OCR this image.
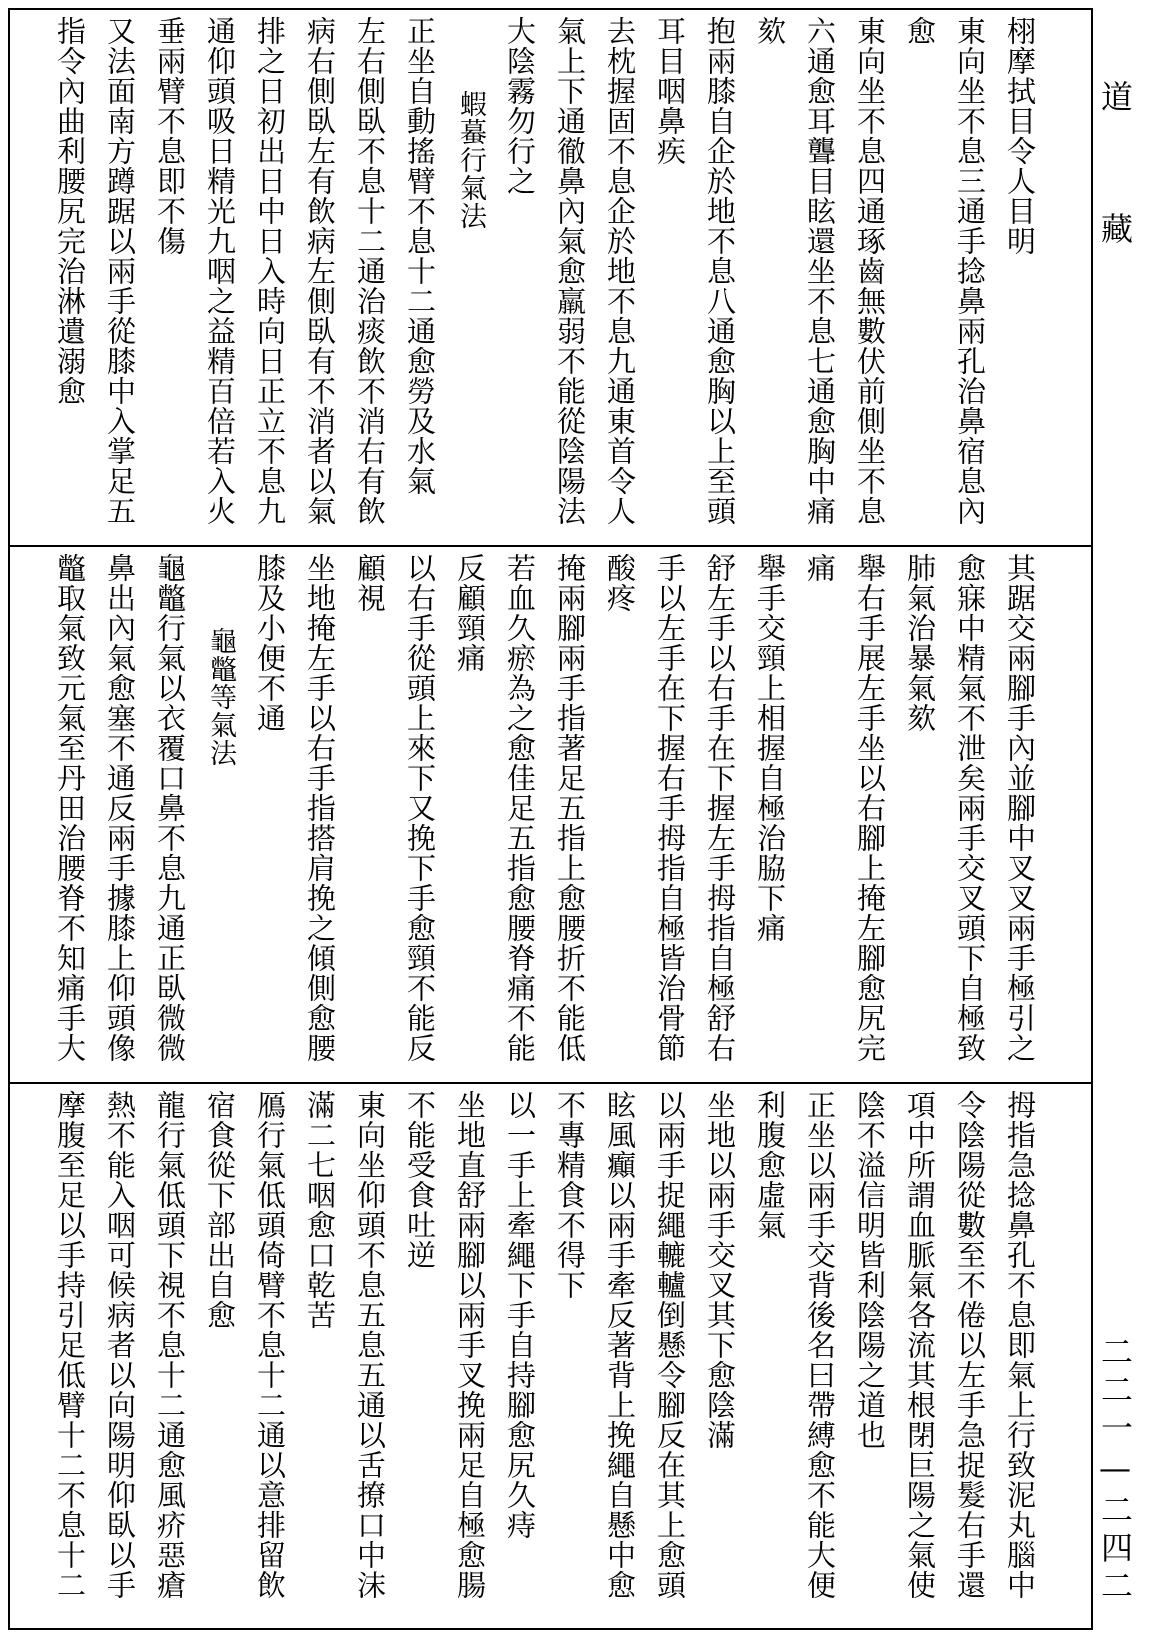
栩摩拭目令人目明
東向坐不息三通手捻鼻兩孔治鼻宿息內
愈
東向坐不息四通琢齒無數伏前側坐不息
六通愈耳聾目眩還坐不息七通愈胸中痛
欬
抱兩膝自企於地不息八通愈胸以上至頭
耳目咽鼻疾
去枕握固不息企於地不息九通東首令人
氣上下通徹鼻內氣愈羸弱不能從陰陽法
大陰霧勿行之
蝦蟇行氣法
正坐自動搖臂不息十二通愈勞及水氣
左右側臥不息十二通治痰飲不消右有飲
病右側臥左有飲病左側臥有不消者以氣
排之日初出日中日入時向日正立不息九
通仰頭吸日精光九咽之益精百倍若入火
垂兩臂不息即不傷
又法面南方蹲踞以兩手從膝中入掌足五
指令內曲利腰尻完治淋遺溺愈
其踞交兩腳手內並腳中叉叉兩手極引之
愈寐中精氣不泄矣兩手交叉頭下自極致
肺氣治暴氣欬
舉右手展左手坐以右腳上掩左腳愈尻完
痛
舉手交頸上相握自極治脇下痛
舒左手以右手在下握左手拇指自極舒右
手以左手在下握右手拇指自極皆治骨節
酸疼
掩兩腳兩手指著足五指上愈腰折不能低
若血久瘀為之愈佳足五指愈腰脊痛不能
反顧頸痛
以右手從頭上來下又挽下手愈頸不能反
顧視
坐地掩左手以右手指搭肩挽之傾側愈腰
膝及小便不通
龜鼈等氣法
龜鼈行氣以衣覆口鼻不息九通正臥微微
鼻出內氣愈塞不通反兩手據膝上仰頭像
鼈取氣致元氣至丹田治腰脊不知痛手大
拇指急捻鼻孔不息即氣上行致泥丸腦中
令陰陽從數至不倦以左手急捉髮右手還
項中所謂血脈氣各流其根閉巨陽之氣使
陰不溢信明皆利陰陽之道也
正坐以兩手交背後名曰帶縛愈不能大便
利腹愈虛氣
坐地以兩手交叉其下愈陰滿
以兩手捉繩轆轤倒懸令腳反在其上愈頭
眩風癲以兩手牽反著背上挽繩自懸中愈
不專精食不得下
以一手上牽繩下手自持腳愈尻久痔
坐地直舒兩腳以兩手叉挽兩足自極愈腸
不能受食吐逆
東向坐仰頭不息五息五通以舌撩口中沫
滿二七咽愈口乾苦
鴈行氣低頭倚臂不息十二通以意排留飲
宿食從下部出自愈
龍行氣低頭下視不息十二通愈風疥惡瘡
熱不能入咽可候病者以向陽明仰臥以手
摩腹至足以手持引足低臂十二不息十二
道藏
二二一—二四二
